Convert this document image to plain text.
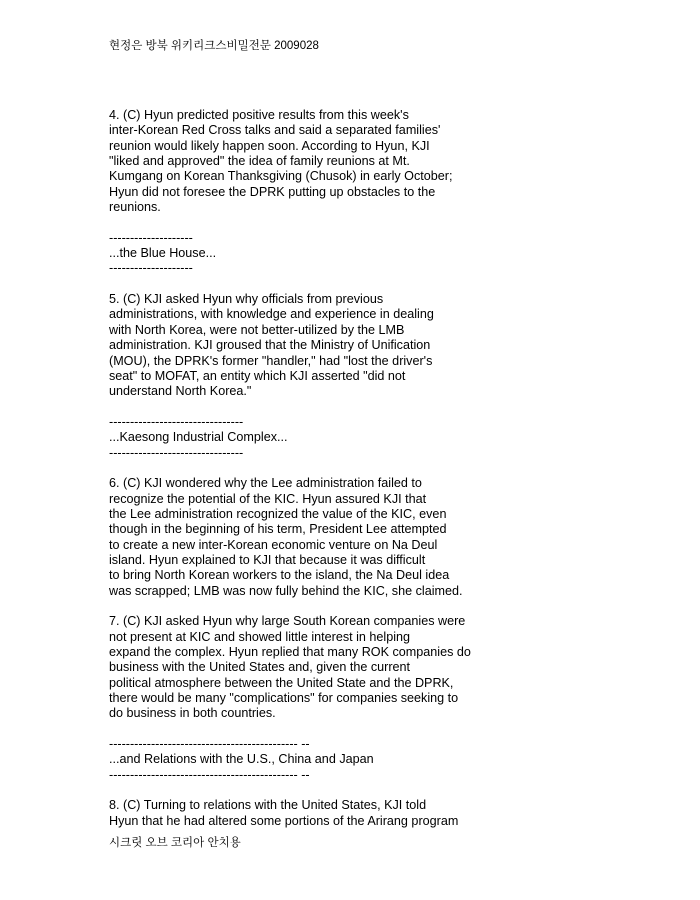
현정은 방북 위키리크스비밀전문 2009028
4. (C) Hyun predicted positive results from this week's
inter-Korean Red Cross talks and said a separated families'
reunion would likely happen soon. According to Hyun, KJI
"liked and approved" the idea of family reunions at Mt.
Kumgang on Korean Thanksgiving (Chusok) in early October;
Hyun did not foresee the DPRK putting up obstacles to the
reunions.
--------------------
...the Blue House...
--------------------
5. (C) KJI asked Hyun why officials from previous
administrations, with knowledge and experience in dealing
with North Korea, were not better-utilized by the LMB
administration. KJI groused that the Ministry of Unification
(MOU), the DPRK's former "handler," had "lost the driver's
seat" to MOFAT, an entity which KJI asserted "did not
understand North Korea."
--------------------------------
...Kaesong Industrial Complex...
--------------------------------
6. (C) KJI wondered why the Lee administration failed to
recognize the potential of the KIC. Hyun assured KJI that
the Lee administration recognized the value of the KIC, even
though in the beginning of his term, President Lee attempted
to create a new inter-Korean economic venture on Na Deul
island. Hyun explained to KJI that because it was difficult
to bring North Korean workers to the island, the Na Deul idea
was scrapped; LMB was now fully behind the KIC, she claimed.
7. (C) KJI asked Hyun why large South Korean companies were
not present at KIC and showed little interest in helping
expand the complex. Hyun replied that many ROK companies do
business with the United States and, given the current
political atmosphere between the United State and the DPRK,
there would be many "complications" for companies seeking to
do business in both countries.
--------------------------------------------- --
...and Relations with the U.S., China and Japan
--------------------------------------------- --
8. (C) Turning to relations with the United States, KJI told
Hyun that he had altered some portions of the Arirang program
시크릿 오브 코리아 안치용
